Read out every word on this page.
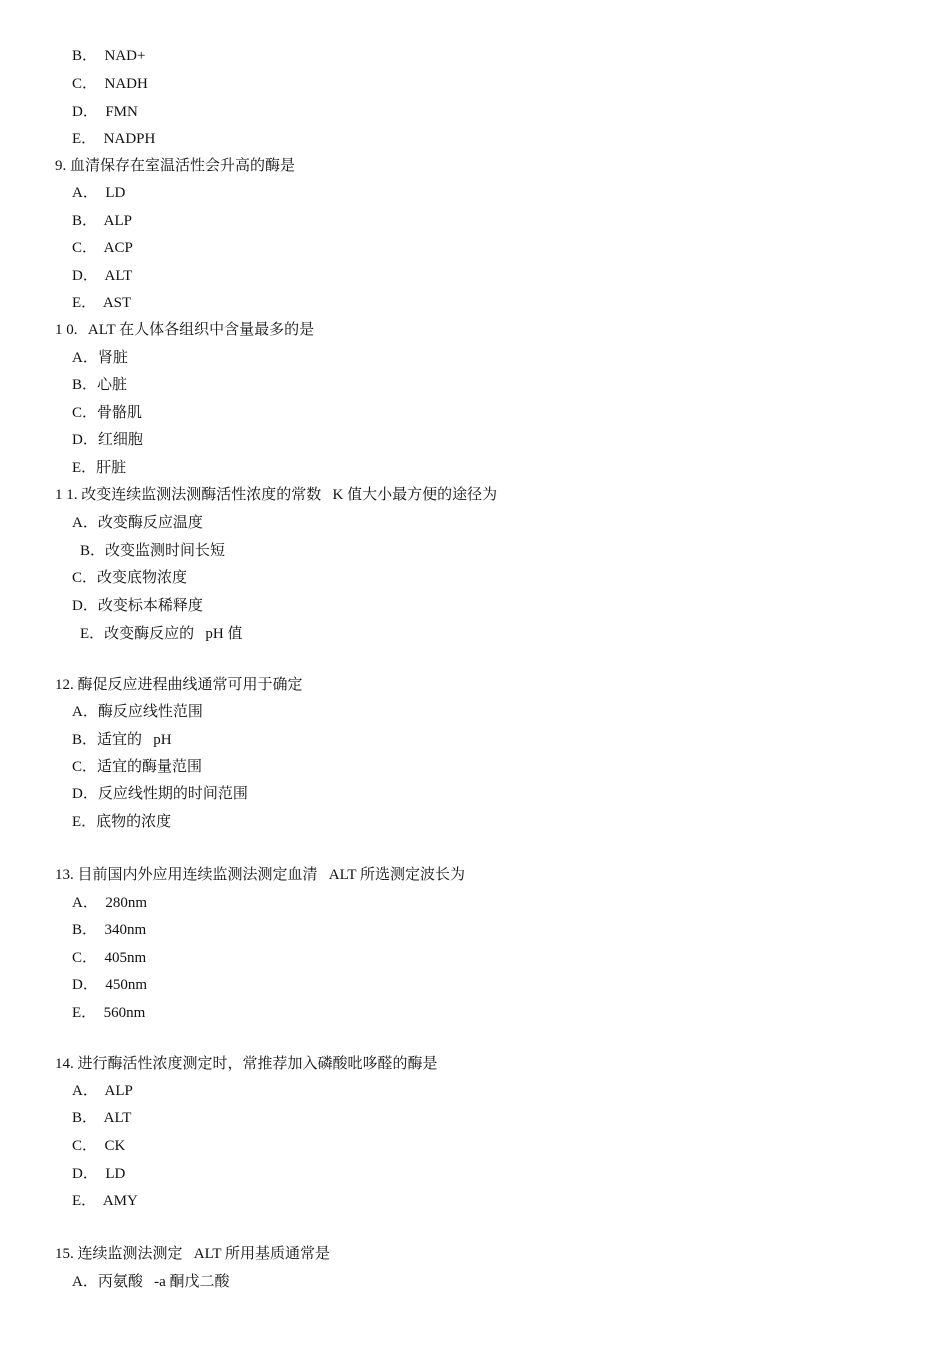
B．  NAD+
C．  NADH
D．  FMN
E．  NADPH
9. 血清保存在室温活性会升高的酶是
A．  LD
B．  ALP
C．  ACP
D．  ALT
E．  AST
1 0.   ALT 在人体各组织中含量最多的是
A．肾脏
B．心脏
C．骨骼肌
D．红细胞
E．肝脏
1 1. 改变连续监测法测酶活性浓度的常数   K 值大小最方便的途径为
A．改变酶反应温度
B．改变监测时间长短
C．改变底物浓度
D．改变标本稀释度
E．改变酶反应的   pH 值
12. 酶促反应进程曲线通常可用于确定
A．酶反应线性范围
B．适宜的   pH
C．适宜的酶量范围
D．反应线性期的时间范围
E．底物的浓度
13. 目前国内外应用连续监测法测定血清   ALT 所选测定波长为
A．  280nm
B．  340nm
C．  405nm
D．  450nm
E．  560nm
14. 进行酶活性浓度测定时，常推荐加入磷酸吡哆醛的酶是
A．  ALP
B．  ALT
C．  CK
D．  LD
E．  AMY
15. 连续监测法测定   ALT 所用基质通常是
A．丙氨酸   -a 酮戊二酸
